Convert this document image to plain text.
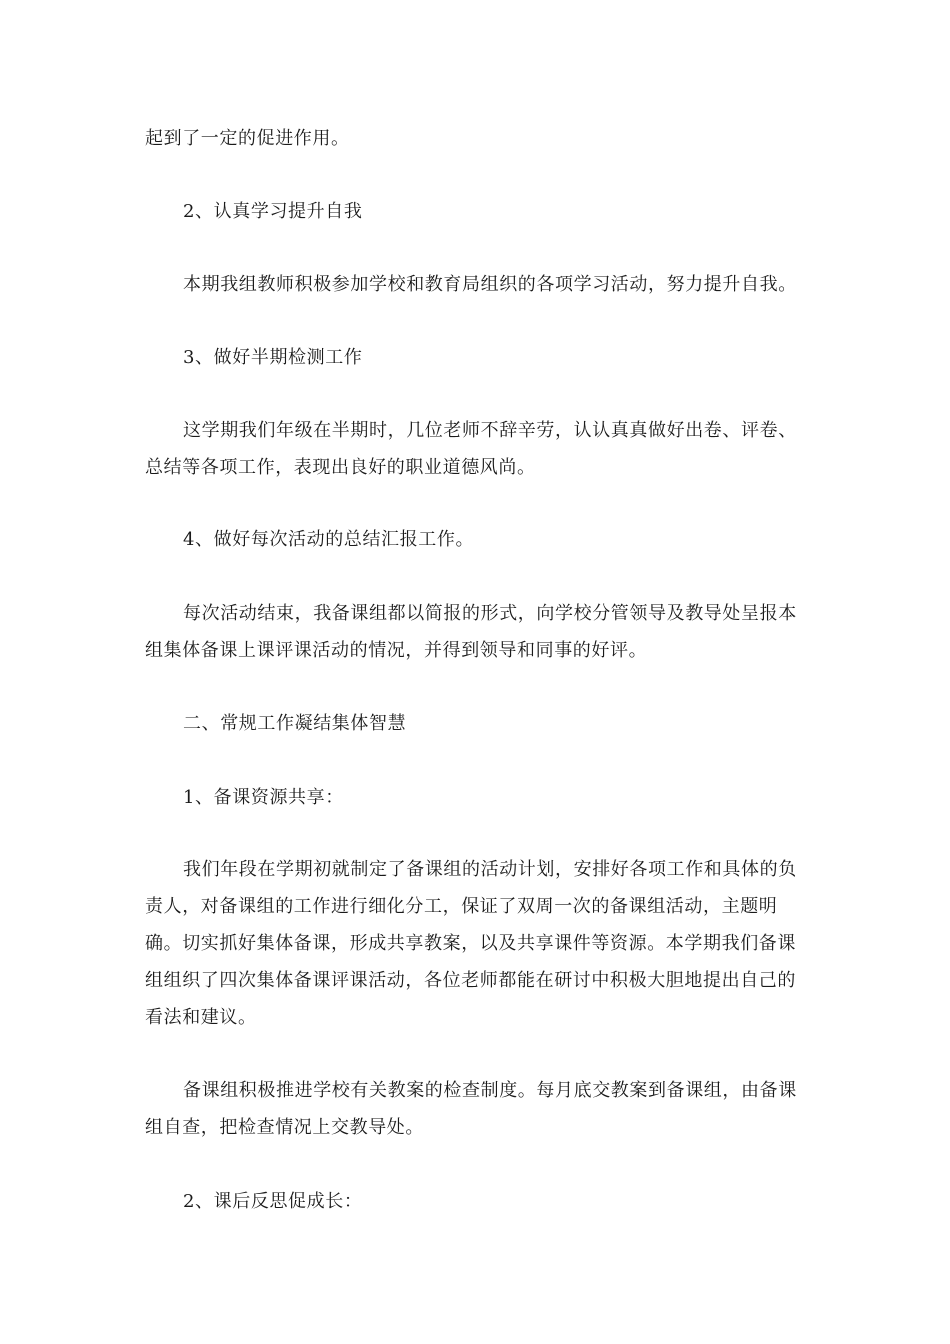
起到了一定的促进作用。
2、认真学习提升自我
本期我组教师积极参加学校和教育局组织的各项学习活动，努力提升自我。
3、做好半期检测工作
这学期我们年级在半期时，几位老师不辞辛劳，认认真真做好出卷、评卷、总结等各项工作，表现出良好的职业道德风尚。
4、做好每次活动的总结汇报工作。
每次活动结束，我备课组都以简报的形式，向学校分管领导及教导处呈报本组集体备课上课评课活动的情况，并得到领导和同事的好评。
二、常规工作凝结集体智慧
1、备课资源共享：
我们年段在学期初就制定了备课组的活动计划，安排好各项工作和具体的负责人，对备课组的工作进行细化分工，保证了双周一次的备课组活动，主题明确。切实抓好集体备课，形成共享教案，以及共享课件等资源。本学期我们备课组组织了四次集体备课评课活动，各位老师都能在研讨中积极大胆地提出自己的看法和建议。
备课组积极推进学校有关教案的检查制度。每月底交教案到备课组，由备课组自查，把检查情况上交教导处。
2、课后反思促成长：
